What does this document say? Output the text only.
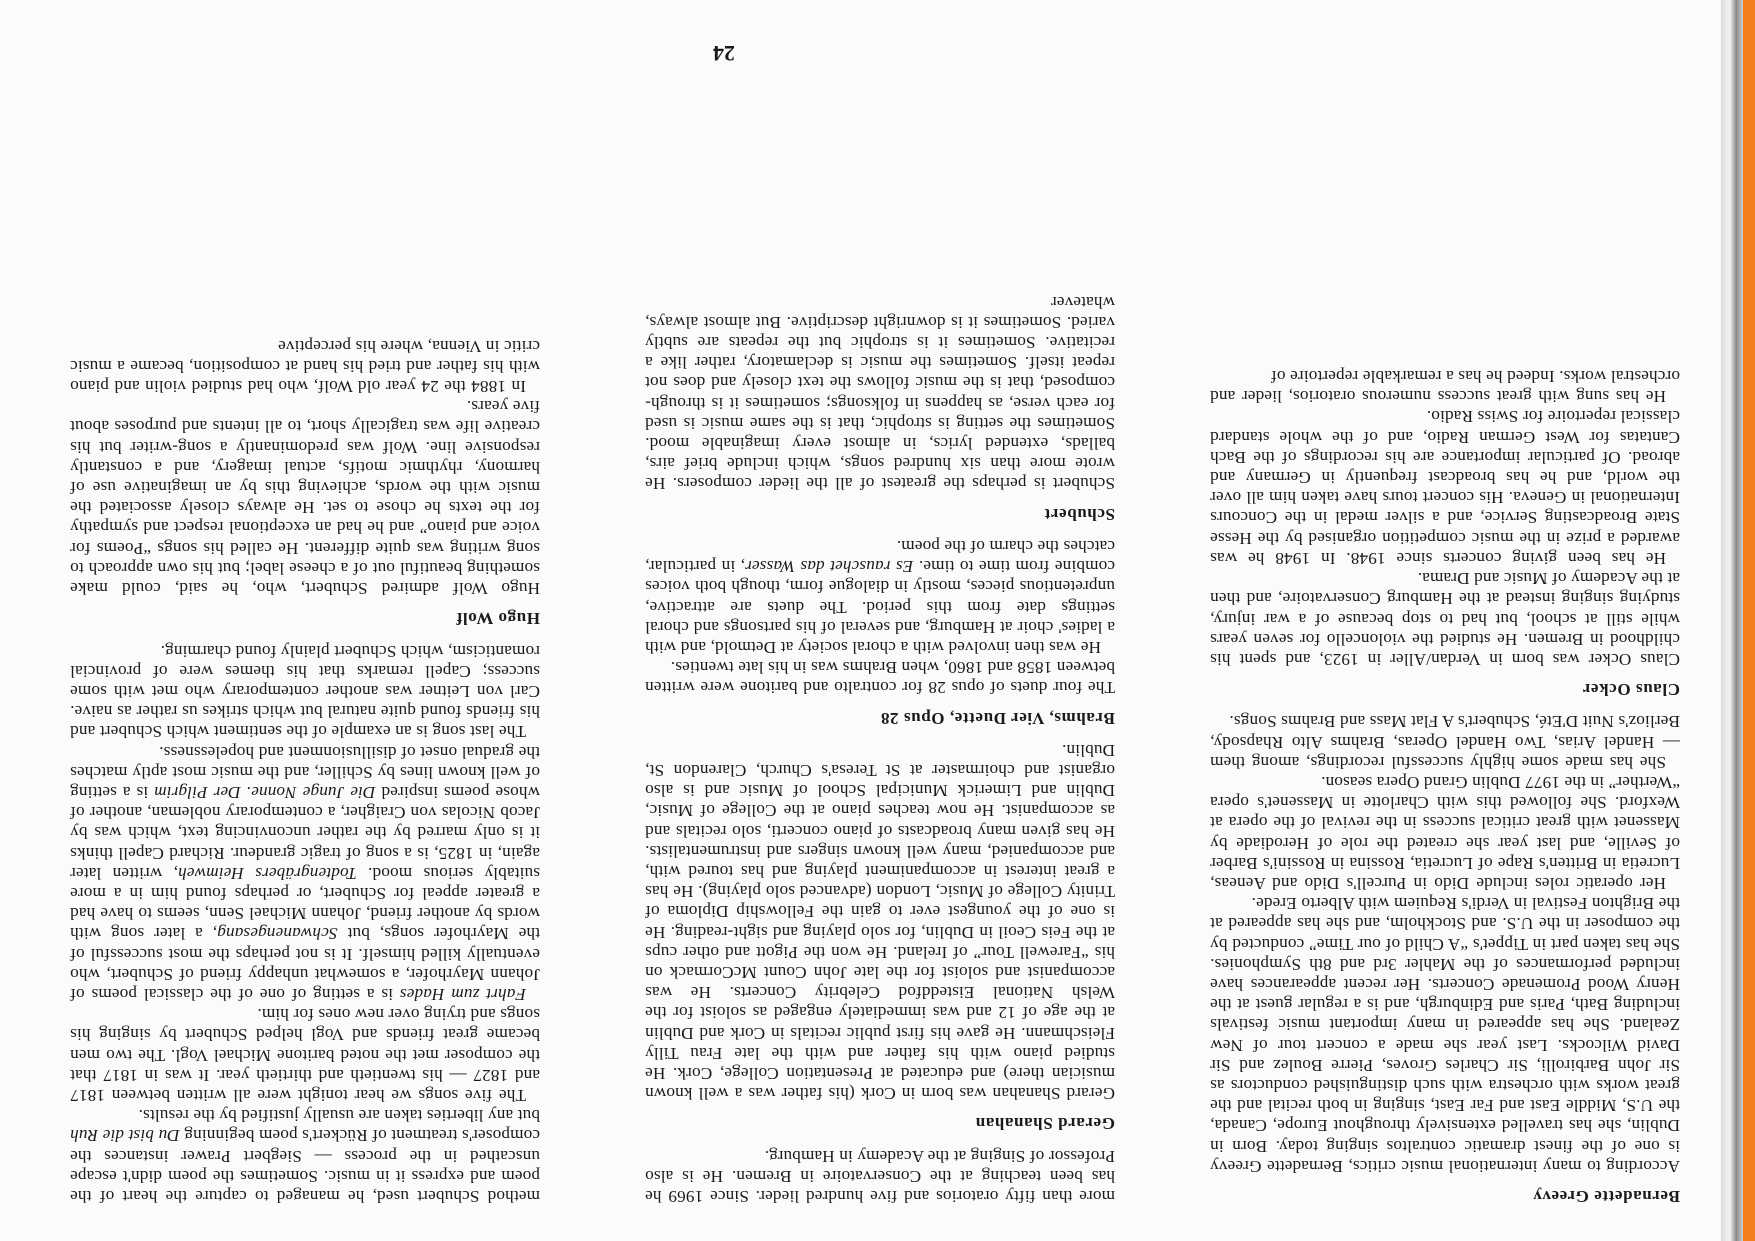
Bernadette Greevy

According to many international music critics, Bernadette Greevy is one of the finest dramatic contraltos singing today. Born in Dublin, she has travelled extensively throughout Europe, Canada, the U.S, Middle East and Far East, singing in both recital and the great works with orchestra with such distinguished conductors as Sir John Barbirolli, Sir Charles Groves, Pierre Boulez and Sir David Wilcocks. Last year she made a concert tour of New Zealand. She has appeared in many important music festivals including Bath, Paris and Edinburgh, and is a regular guest at the Henry Wood Promenade Concerts. Her recent appearances have included performances of the Mahler 3rd and 8th Symphonies. She has taken part in Tippet's “A Child of our Time” conducted by the composer in the U.S. and Stockholm, and she has appeared at the Brighton Festival in Verdi's Requiem with Alberto Erede.

Her operatic roles include Dido in Purcell's Dido and Aeneas, Lucretia in Britten's Rape of Lucretia, Rossina in Rossini's Barber of Seville, and last year she created the role of Herodiade by Massenet with great critical success in the revival of the opera at Wexford. She followed this with Charlotte in Massenet's opera “Werther” in the 1977 Dublin Grand Opera season.

She has made some highly successful recordings, among them — Handel Arias, Two Handel Operas, Brahms Alto Rhapsody, Berlioz's Nuit D'Eté, Schubert's A Flat Mass and Brahms Songs.

Claus Ocker

Claus Ocker was born in Verdan/Aller in 1923, and spent his childhood in Bremen. He studied the violoncello for seven years while still at school, but had to stop because of a war injury, studying singing instead at the Hamburg Conservatoire, and then at the Academy of Music and Drama.

He has been giving concerts since 1948. In 1948 he was awarded a prize in the music competition organised by the Hesse State Broadcasting Service, and a silver medal in the Concours International in Geneva. His concert tours have taken him all over the world, and he has broadcast frequently in Germany and abroad. Of particular importance are his recordings of the Bach Cantatas for West German Radio, and of the whole standard classical repertoire for Swiss Radio.

He has sung with great success numerous oratorios, lieder and orchestral works. Indeed he has a remarkable repertoire of

more than fifty oratorios and five hundred lieder. Since 1969 he has been teaching at the Conservatoire in Bremen. He is also Professor of Singing at the Academy in Hamburg.

Gerard Shanahan

Gerard Shanahan was born in Cork (his father was a well known musician there) and educated at Presentation College, Cork. He studied piano with his father and with the late Frau Tilly Fleischmann. He gave his first public recitals in Cork and Dublin at the age of 12 and was immediately engaged as soloist for the Welsh National Eisteddfod Celebrity Concerts. He was accompanist and soloist for the late John Count McCormack on his “Farewell Tour” of Ireland. He won the Pigott and other cups at the Feis Ceoil in Dublin, for solo playing and sight-reading. He is one of the youngest ever to gain the Fellowship Diploma of Trinity College of Music, London (advanced solo playing). He has a great interest in accompaniment playing and has toured with, and accompanied, many well known singers and instrumentalists. He has given many broadcasts of piano concerti, solo recitals and as accompanist. He now teaches piano at the College of Music, Dublin and Limerick Municipal School of Music and is also organist and choirmaster at St Teresa's Church, Clarendon St, Dublin.

Brahms, Vier Duette, Opus 28

The four duets of opus 28 for contralto and baritone were written between 1858 and 1860, when Brahms was in his late twenties.

He was then involved with a choral society at Detmold, and with a ladies' choir at Hamburg, and several of his partsongs and choral settings date from this period. The duets are attractive, unpretentious pieces, mostly in dialogue form, though both voices combine from time to time. Es rauschet das Wasser, in particular, catches the charm of the poem.

Schubert

Schubert is perhaps the greatest of all the lieder composers. He wrote more than six hundred songs, which include brief airs, ballads, extended lyrics, in almost every imaginable mood. Sometimes the setting is strophic, that is the same music is used for each verse, as happens in folksongs; sometimes it is through-composed, that is the music follows the text closely and does not repeat itself. Sometimes the music is declamatory, rather like a recitative. Sometimes it is strophic but the repeats are subtly varied. Sometimes it is downright descriptive. But almost always, whatever

method Schubert used, he managed to capture the heart of the poem and express it in music. Sometimes the poem didn't escape unscathed in the process — Siegbert Prawer instances the composer's treatment of Rückert's poem beginning Du bist die Ruh but any liberties taken are usually justified by the results.

The five songs we hear tonight were all written between 1817 and 1827 — his twentieth and thirtieth year. It was in 1817 that the composer met the noted baritone Michael Vogl. The two men became great friends and Vogl helped Schubert by singing his songs and trying over new ones for him.

Fahrt zum Hades is a setting of one of the classical poems of Johann Mayrhofer, a somewhat unhappy friend of Schubert, who eventually killed himself. It is not perhaps the most successful of the Mayrhofer songs, but Schwanengesang, a later song with words by another friend, Johann Michael Senn, seems to have had a greater appeal for Schubert, or perhaps found him in a more suitably serious mood. Todtengräbers Heimweh, written later again, in 1825, is a song of tragic grandeur. Richard Capell thinks it is only marred by the rather unconvincing text, which was by Jacob Nicolas von Craigher, a contemporary nobleman, another of whose poems inspired Die Junge Nonne. Der Pilgrim is a setting of well known lines by Schiller, and the music most aptly matches the gradual onset of disillusionment and hopelessness.

The last song is an example of the sentiment which Schubert and his friends found quite natural but which strikes us rather as naive. Carl von Leitner was another contemporary who met with some success; Capell remarks that his themes were of provincial romanticism, which Schubert plainly found charming.

Hugo Wolf

Hugo Wolf admired Schubert, who, he said, could make something beautiful out of a cheese label; but his own approach to song writing was quite different. He called his songs “Poems for voice and piano” and he had an exceptional respect and sympathy for the texts he chose to set. He always closely associated the music with the words, achieving this by an imaginative use of harmony, rhythmic motifs, actual imagery, and a constantly responsive line. Wolf was predominantly a song-writer but his creative life was tragically short, to all intents and purposes about five years.

In 1884 the 24 year old Wolf, who had studied violin and piano with his father and tried his hand at composition, became a music critic in Vienna, where his perceptive

24
